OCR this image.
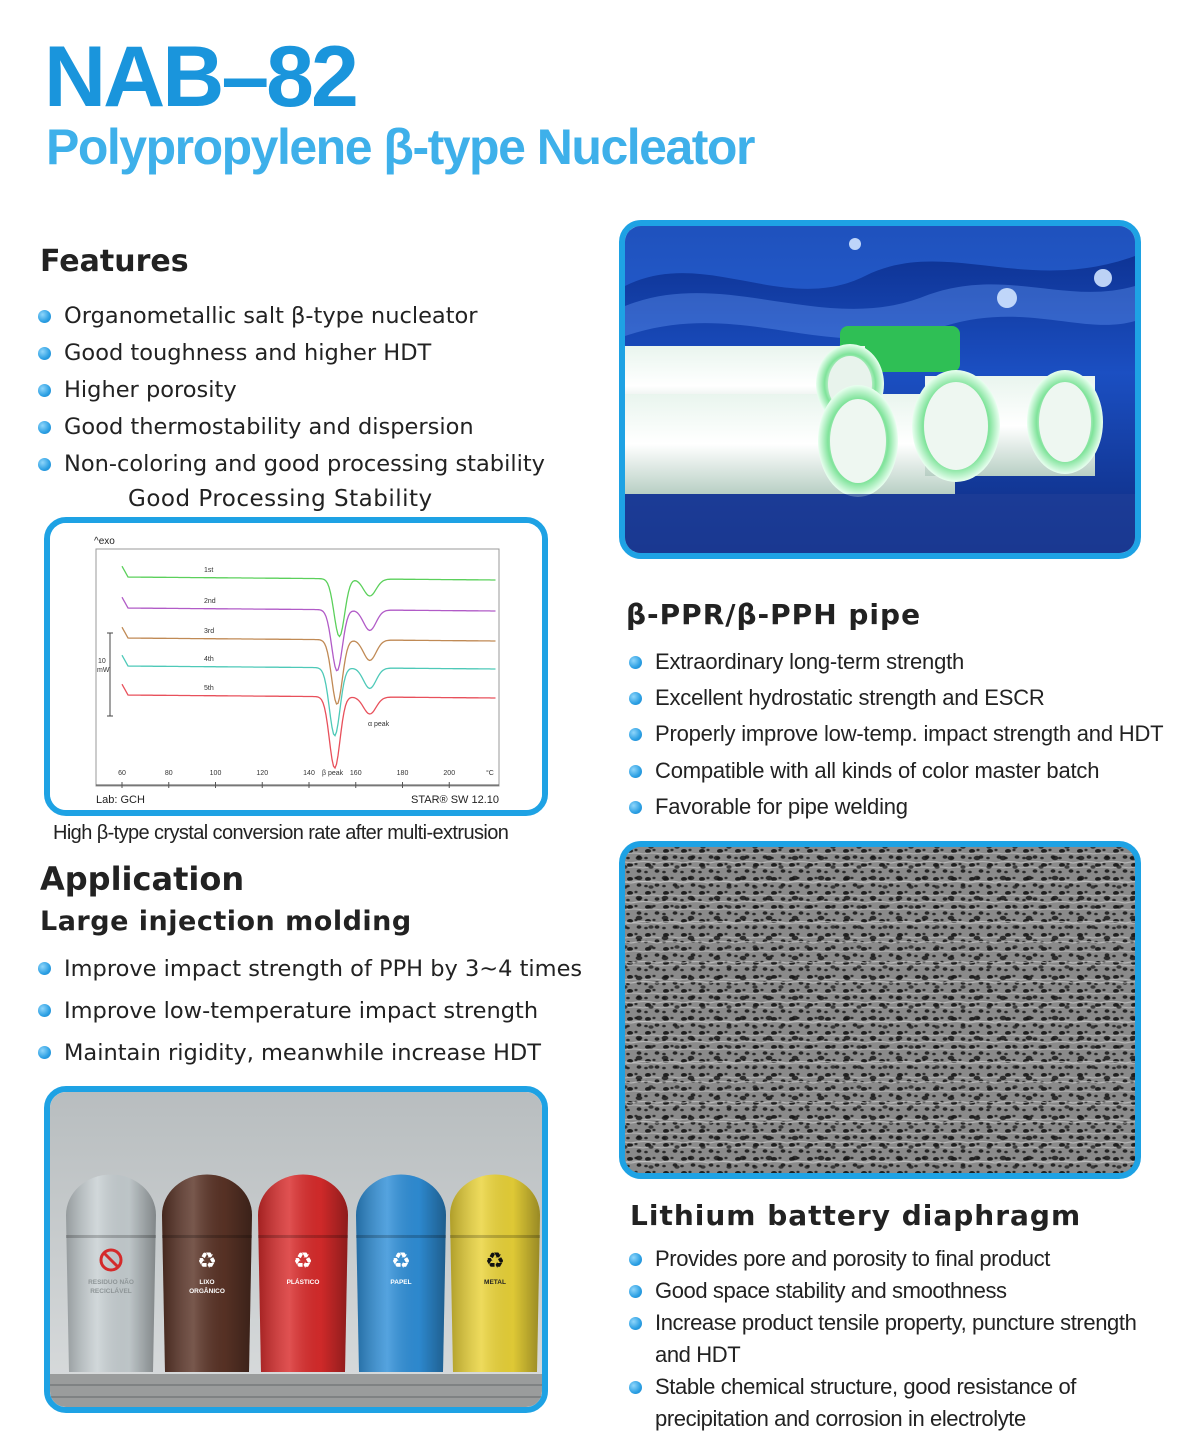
NAB–82
Polypropylene β-type Nucleator
Features
Organometallic salt β-type nucleator
Good toughness and higher HDT
Higher porosity
Good thermostability and dispersion
Non-coloring and good processing stability
Good Processing Stability
^exo
10
mW
60	80	100	120	140	160	180	200
1st
2nd
3rd
4th
5th
β peak
α peak
°C
Lab: GCH	STAR® SW 12.10
High β-type crystal conversion rate after multi-extrusion
Application
Large injection molding
Improve impact strength of PPH by 3~4 times
Improve low-temperature impact strength
Maintain rigidity, meanwhile increase HDT
RESIDUO NÃO
RECICLÁVEL
♻
LIXO
ORGÂNICO
♻
PLÁSTICO
♻
PAPEL
♻
METAL
β-PPR/β-PPH pipe
Extraordinary long-term strength
Excellent hydrostatic strength and ESCR
Properly improve low-temp. impact strength and HDT
Compatible with all kinds of color master batch
Favorable for pipe welding
Lithium battery diaphragm
Provides pore and porosity to final product
Good space stability and smoothness
Increase product tensile property, puncture strength and HDT
Stable chemical structure, good resistance of precipitation and corrosion in electrolyte
